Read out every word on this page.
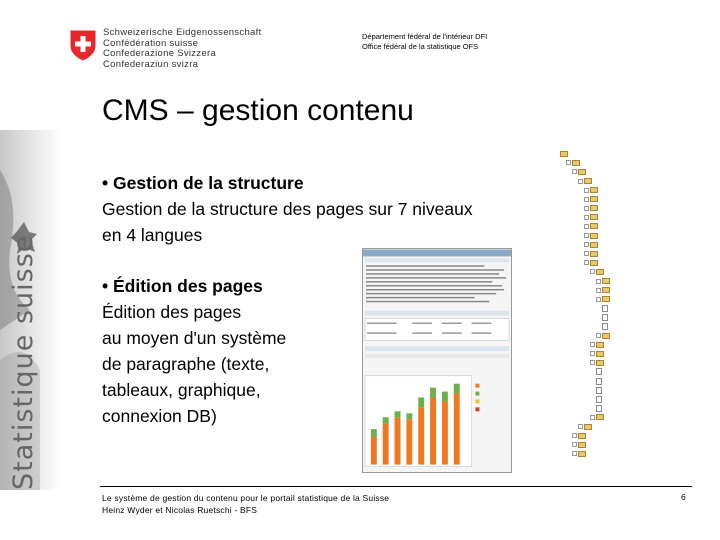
Schweizerische Eidgenossenschaft
Confédération suisse
Confederazione Svizzera
Confederaziun svizra
Département fédéral de l'intérieur DFI
Office fédéral de la statistique OFS
Statistique suisse
CMS – gestion contenu
• Gestion de la structure
Gestion de la structure des pages sur 7 niveaux
en 4 langues
• Édition des pages
Édition des pages
au moyen d'un système
de paragraphe (texte,
tableaux, graphique,
connexion DB)
Le système de gestion du contenu pour le portail statistique de la Suisse
Heinz Wyder et Nicolas Ruetschi - BFS
6
